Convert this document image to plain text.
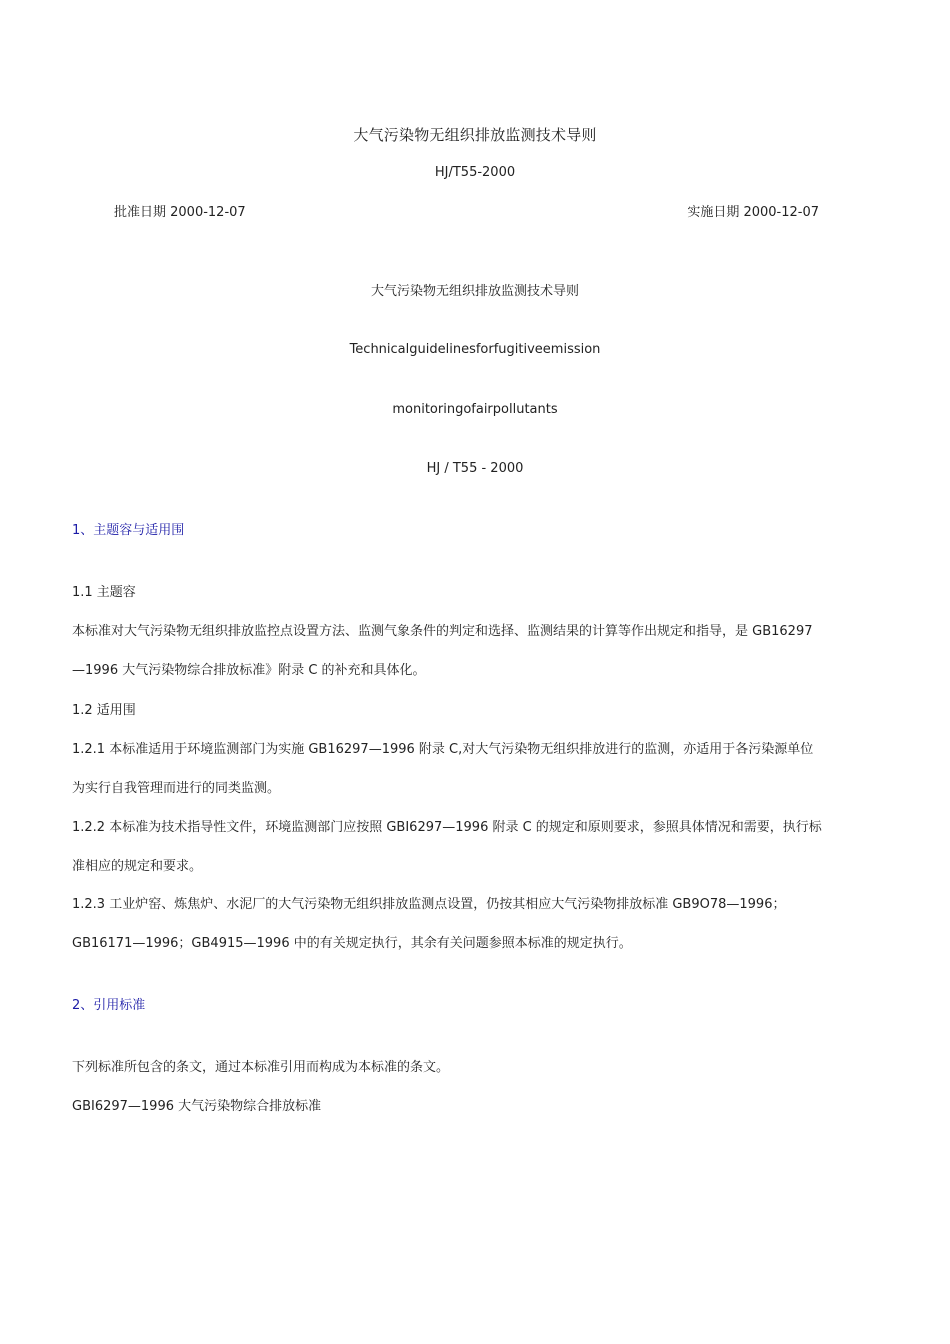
大气污染物无组织排放监测技术导则
HJ/T55-2000
批准日期 2000-12-07	实施日期 2000-12-07
大气污染物无组织排放监测技术导则
Technicalguidelinesforfugitiveemission
monitoringofairpollutants
HJ / T55 - 2000
1、主题容与适用围
1.1 主题容
本标准对大气污染物无组织排放监控点设置方法、监测气象条件的判定和选择、监测结果的计算等作出规定和指导，是 GB16297
—1996 大气污染物综合排放标准》附录 C 的补充和具体化。
1.2 适用围
1.2.1 本标准适用于环境监测部门为实施 GB16297—1996 附录 C,对大气污染物无组织排放进行的监测，亦适用于各污染源单位
为实行自我管理而进行的同类监测。
1.2.2 本标准为技术指导性文件，环境监测部门应按照 GBI6297—1996 附录 C 的规定和原则要求，参照具体情况和需要，执行标
准相应的规定和要求。
1.2.3 工业炉窑、炼焦炉、水泥厂的大气污染物无组织排放监测点设置，仍按其相应大气污染物排放标准 GB9O78—1996；
GB16171—1996；GB4915—1996 中的有关规定执行，其余有关问题参照本标准的规定执行。
2、引用标准
下列标准所包含的条文，通过本标准引用而构成为本标准的条文。
GBI6297—1996 大气污染物综合排放标准
